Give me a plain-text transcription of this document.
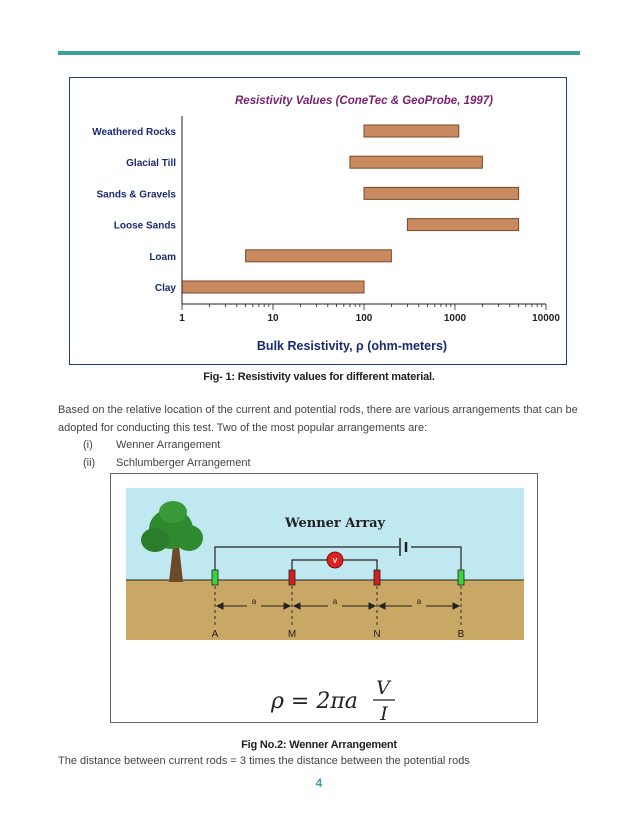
Resistivity Values (ConeTec & GeoProbe, 1997)
Weathered Rocks
Glacial Till
Sands & Gravels
Loose Sands
Loam
Clay
1	10	100	1000	10000
Bulk Resistivity, ρ (ohm-meters)
Fig- 1: Resistivity values for different material.
Based on the relative location of the current and potential rods, there are various arrangements that can be adopted for conducting this test. Two of the most popular arrangements are:
(i) Wenner Arrangement
(ii) Schlumberger Arrangement
Wenner Array
V
a	a	a
A	M	N	B
ρ = 2πa
V
I
Fig No.2: Wenner Arrangement
The distance between current rods = 3 times the distance between the potential rods
4
